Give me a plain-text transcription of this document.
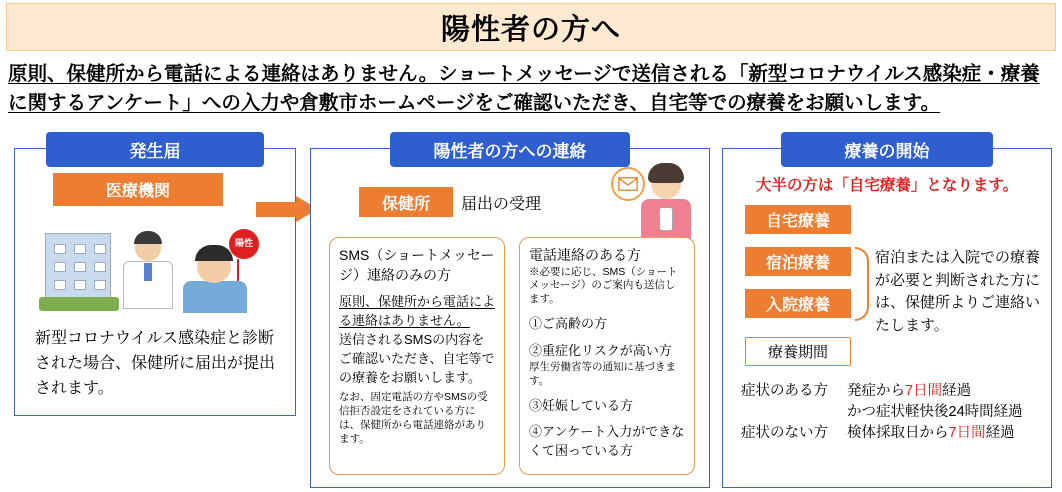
陽性者の方へ
原則、保健所から電話による連絡はありません。ショートメッセージで送信される「新型コロナウイルス感染症・療養に関するアンケート」への入力や倉敷市ホームページをご確認いただき、自宅等での療養をお願いします。
発生届
医療機関
陽性
新型コロナウイルス感染症と診断された場合、保健所に届出が提出されます。
陽性者の方への連絡
保健所	届出の受理
SMS（ショートメッセージ）連絡のみの方
原則、保健所から電話による連絡はありません。
送信されるSMSの内容をご確認いただき、自宅等での療養をお願いします。
なお、固定電話の方やSMSの受信拒否設定をされている方には、保健所から電話連絡があります。
電話連絡のある方
※必要に応じ、SMS（ショートメッセージ）のご案内も送信します。
①ご高齢の方
②重症化リスクが高い方
厚生労働省等の通知に基づきます。
③妊娠している方
④アンケート入力ができなくて困っている方
療養の開始
大半の方は「自宅療養」となります。
自宅療養
宿泊療養
入院療養
宿泊または入院での療養が必要と判断された方には、保健所よりご連絡いたします。
療養期間
症状のある方	発症から7日間経過
かつ症状軽快後24時間経過
症状のない方	検体採取日から7日間経過
